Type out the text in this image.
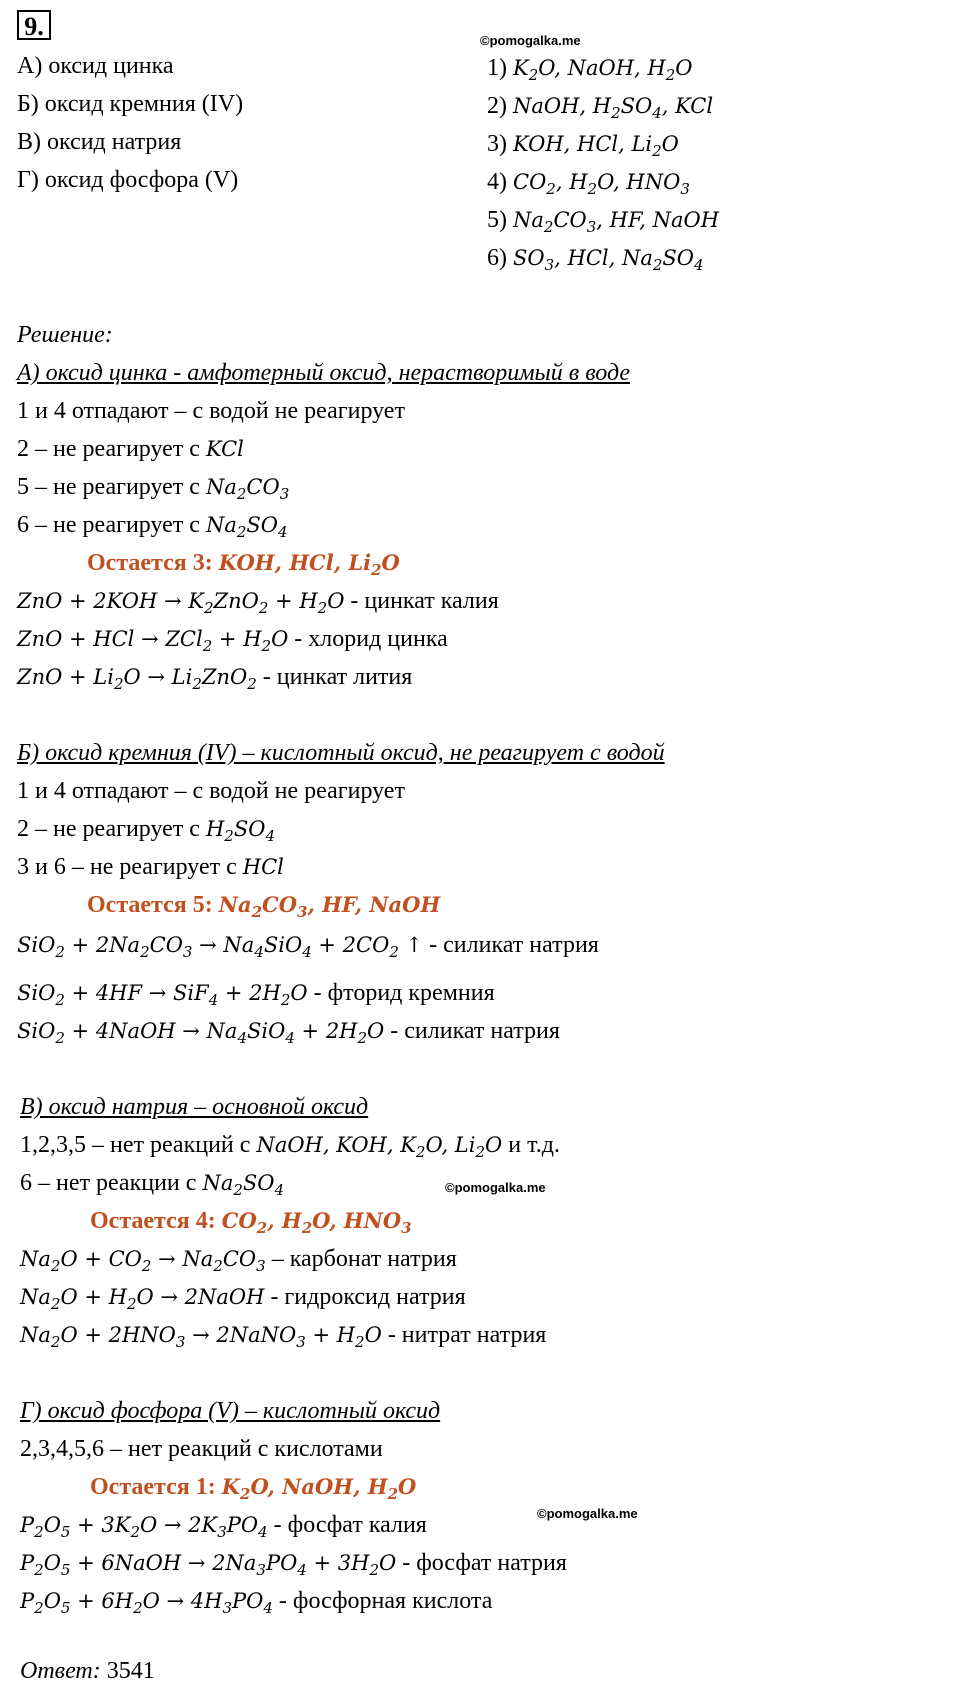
9.	©pomogalka.me
А) оксид цинка
Б) оксид кремния (IV)
В) оксид натрия
Г) оксид фосфора (V)
1) $K_2O$, NaOH, $H_2O$
2) NaOH, $H_2SO_4$, KCl
3) KOH, HCl, $Li_2O$
4) $CO_2$, $H_2O$, $HNO_3$
5) $Na_2CO_3$, HF, NaOH
6) $SO_3$, HCl, $Na_2SO_4$
Решение:
А) оксид цинка - амфотерный оксид, нерастворимый в воде
1 и 4 отпадают – с водой не реагирует
2 – не реагирует с KCl
5 – не реагирует с $Na_2CO_3$
6 – не реагирует с $Na_2SO_4$
Остается 3: KOH, HCl, $Li_2O$
ZnO + $2KOH \to K_2ZnO_2 + H_2O$ - цинкат калия
ZnO + HCl → $ZCl_2 + H_2O$ - хлорид цинка
ZnO + $Li_2O \to Li_2ZnO_2$ - цинкат лития
Б) оксид кремния (IV) – кислотный оксид, не реагирует с водой
1 и 4 отпадают – с водой не реагирует
2 – не реагирует с $H_2SO_4$
3 и 6 – не реагирует с HCl
Остается 5: $Na_2CO_3$, HF, NaOH
$SiO_2 + 2Na_2CO_3 \to Na_4SiO_4 + 2CO_2$ ↑ - силикат натрия
$SiO_2 + 4HF \to SiF_4 + 2H_2O$ - фторид кремния
SiO$_2$ + 4NaOH → $Na_4SiO_4 + 2H_2O$ - силикат натрия
В) оксид натрия – основной оксид
1,2,3,5 – нет реакций с NaOH, KOH, $K_2O$, $Li_2O$ и т.д.
6 – нет реакции с $Na_2SO_4$	©pomogalka.me
Остается 4: $CO_2$, $H_2O$, $HNO_3$
$Na_2O + CO_2 \to Na_2CO_3$ – карбонат натрия
$Na_2O + H_2O$ → 2NaOH - гидроксид натрия
$Na_2O + 2HNO_3$ → 2NaNO$_3$ + $H_2O$ - нитрат натрия
Г) оксид фосфора (V) – кислотный оксид
2,3,4,5,6 – нет реакций с кислотами
Остается 1: $K_2O$, NaOH, $H_2O$
©pomogalka.me
$P_2O_5 + 3K_2O \to 2K_3PO_4$ - фосфат калия
$P_2O_5$ + 6NaOH → $2Na_3PO_4 + 3H_2O$ - фосфат натрия
$P_2O_5 + 6H_2O \to 4H_3PO_4$ - фосфорная кислота
Ответ: 3541
